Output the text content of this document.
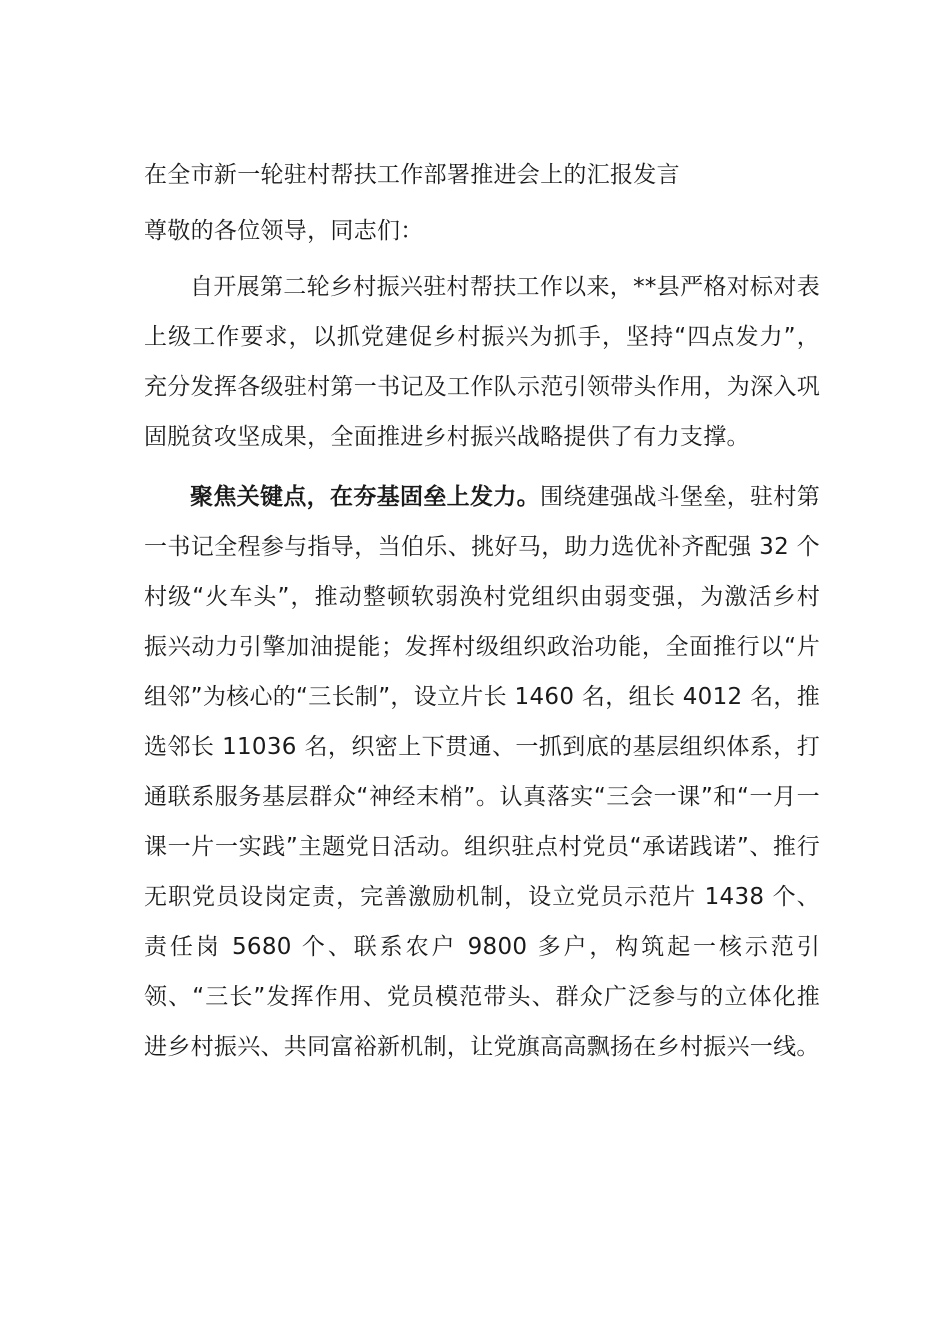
在全市新一轮驻村帮扶工作部署推进会上的汇报发言

尊敬的各位领导，同志们：

自开展第二轮乡村振兴驻村帮扶工作以来，**县严格对标对表上级工作要求，以抓党建促乡村振兴为抓手，坚持“四点发力”，充分发挥各级驻村第一书记及工作队示范引领带头作用，为深入巩固脱贫攻坚成果，全面推进乡村振兴战略提供了有力支撑。

聚焦关键点，在夯基固垒上发力。围绕建强战斗堡垒，驻村第一书记全程参与指导，当伯乐、挑好马，助力选优补齐配强 32 个村级“火车头”，推动整顿软弱涣村党组织由弱变强，为激活乡村振兴动力引擎加油提能；发挥村级组织政治功能，全面推行以“片组邻”为核心的“三长制”，设立片长 1460 名，组长 4012 名，推选邻长 11036 名，织密上下贯通、一抓到底的基层组织体系，打通联系服务基层群众“神经末梢”。认真落实“三会一课”和“一月一课一片一实践”主题党日活动。组织驻点村党员“承诺践诺”、推行无职党员设岗定责，完善激励机制，设立党员示范片 1438 个、责任岗 5680 个、联系农户 9800 多户，构筑起一核示范引领、“三长”发挥作用、党员模范带头、群众广泛参与的立体化推进乡村振兴、共同富裕新机制，让党旗高高飘扬在乡村振兴一线。
